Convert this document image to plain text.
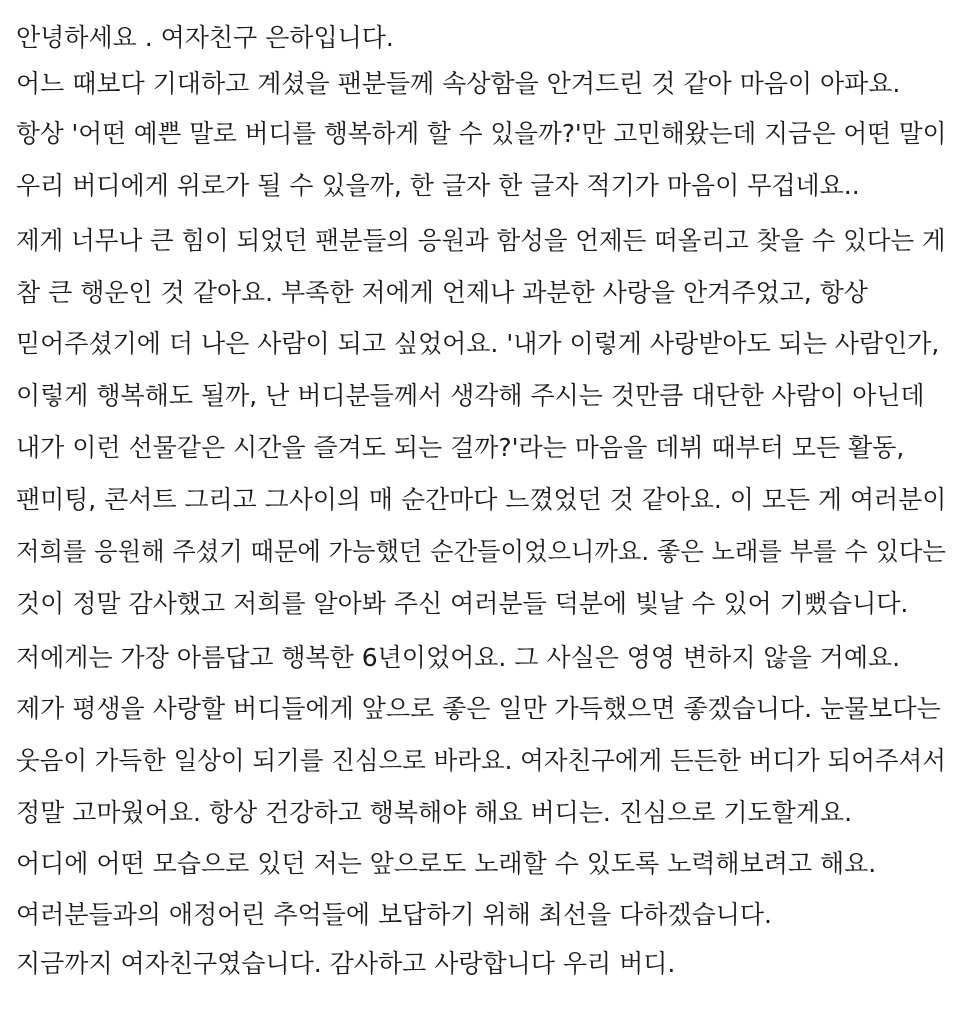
안녕하세요 . 여자친구 은하입니다.
어느 때보다 기대하고 계셨을 팬분들께 속상함을 안겨드린 것 같아 마음이 아파요.
항상 '어떤 예쁜 말로 버디를 행복하게 할 수 있을까?'만 고민해왔는데 지금은 어떤 말이
우리 버디에게 위로가 될 수 있을까, 한 글자 한 글자 적기가 마음이 무겁네요..
제게 너무나 큰 힘이 되었던 팬분들의 응원과 함성을 언제든 떠올리고 찾을 수 있다는 게
참 큰 행운인 것 같아요. 부족한 저에게 언제나 과분한 사랑을 안겨주었고, 항상
믿어주셨기에 더 나은 사람이 되고 싶었어요. '내가 이렇게 사랑받아도 되는 사람인가,
이렇게 행복해도 될까, 난 버디분들께서 생각해 주시는 것만큼 대단한 사람이 아닌데
내가 이런 선물같은 시간을 즐겨도 되는 걸까?'라는 마음을 데뷔 때부터 모든 활동,
팬미팅, 콘서트 그리고 그사이의 매 순간마다 느꼈었던 것 같아요. 이 모든 게 여러분이
저희를 응원해 주셨기 때문에 가능했던 순간들이었으니까요. 좋은 노래를 부를 수 있다는
것이 정말 감사했고 저희를 알아봐 주신 여러분들 덕분에 빛날 수 있어 기뻤습니다.
저에게는 가장 아름답고 행복한 6년이었어요. 그 사실은 영영 변하지 않을 거예요.
제가 평생을 사랑할 버디들에게 앞으로 좋은 일만 가득했으면 좋겠습니다. 눈물보다는
웃음이 가득한 일상이 되기를 진심으로 바라요. 여자친구에게 든든한 버디가 되어주셔서
정말 고마웠어요. 항상 건강하고 행복해야 해요 버디는. 진심으로 기도할게요.
어디에 어떤 모습으로 있던 저는 앞으로도 노래할 수 있도록 노력해보려고 해요.
여러분들과의 애정어린 추억들에 보답하기 위해 최선을 다하겠습니다.
지금까지 여자친구였습니다. 감사하고 사랑합니다 우리 버디.
